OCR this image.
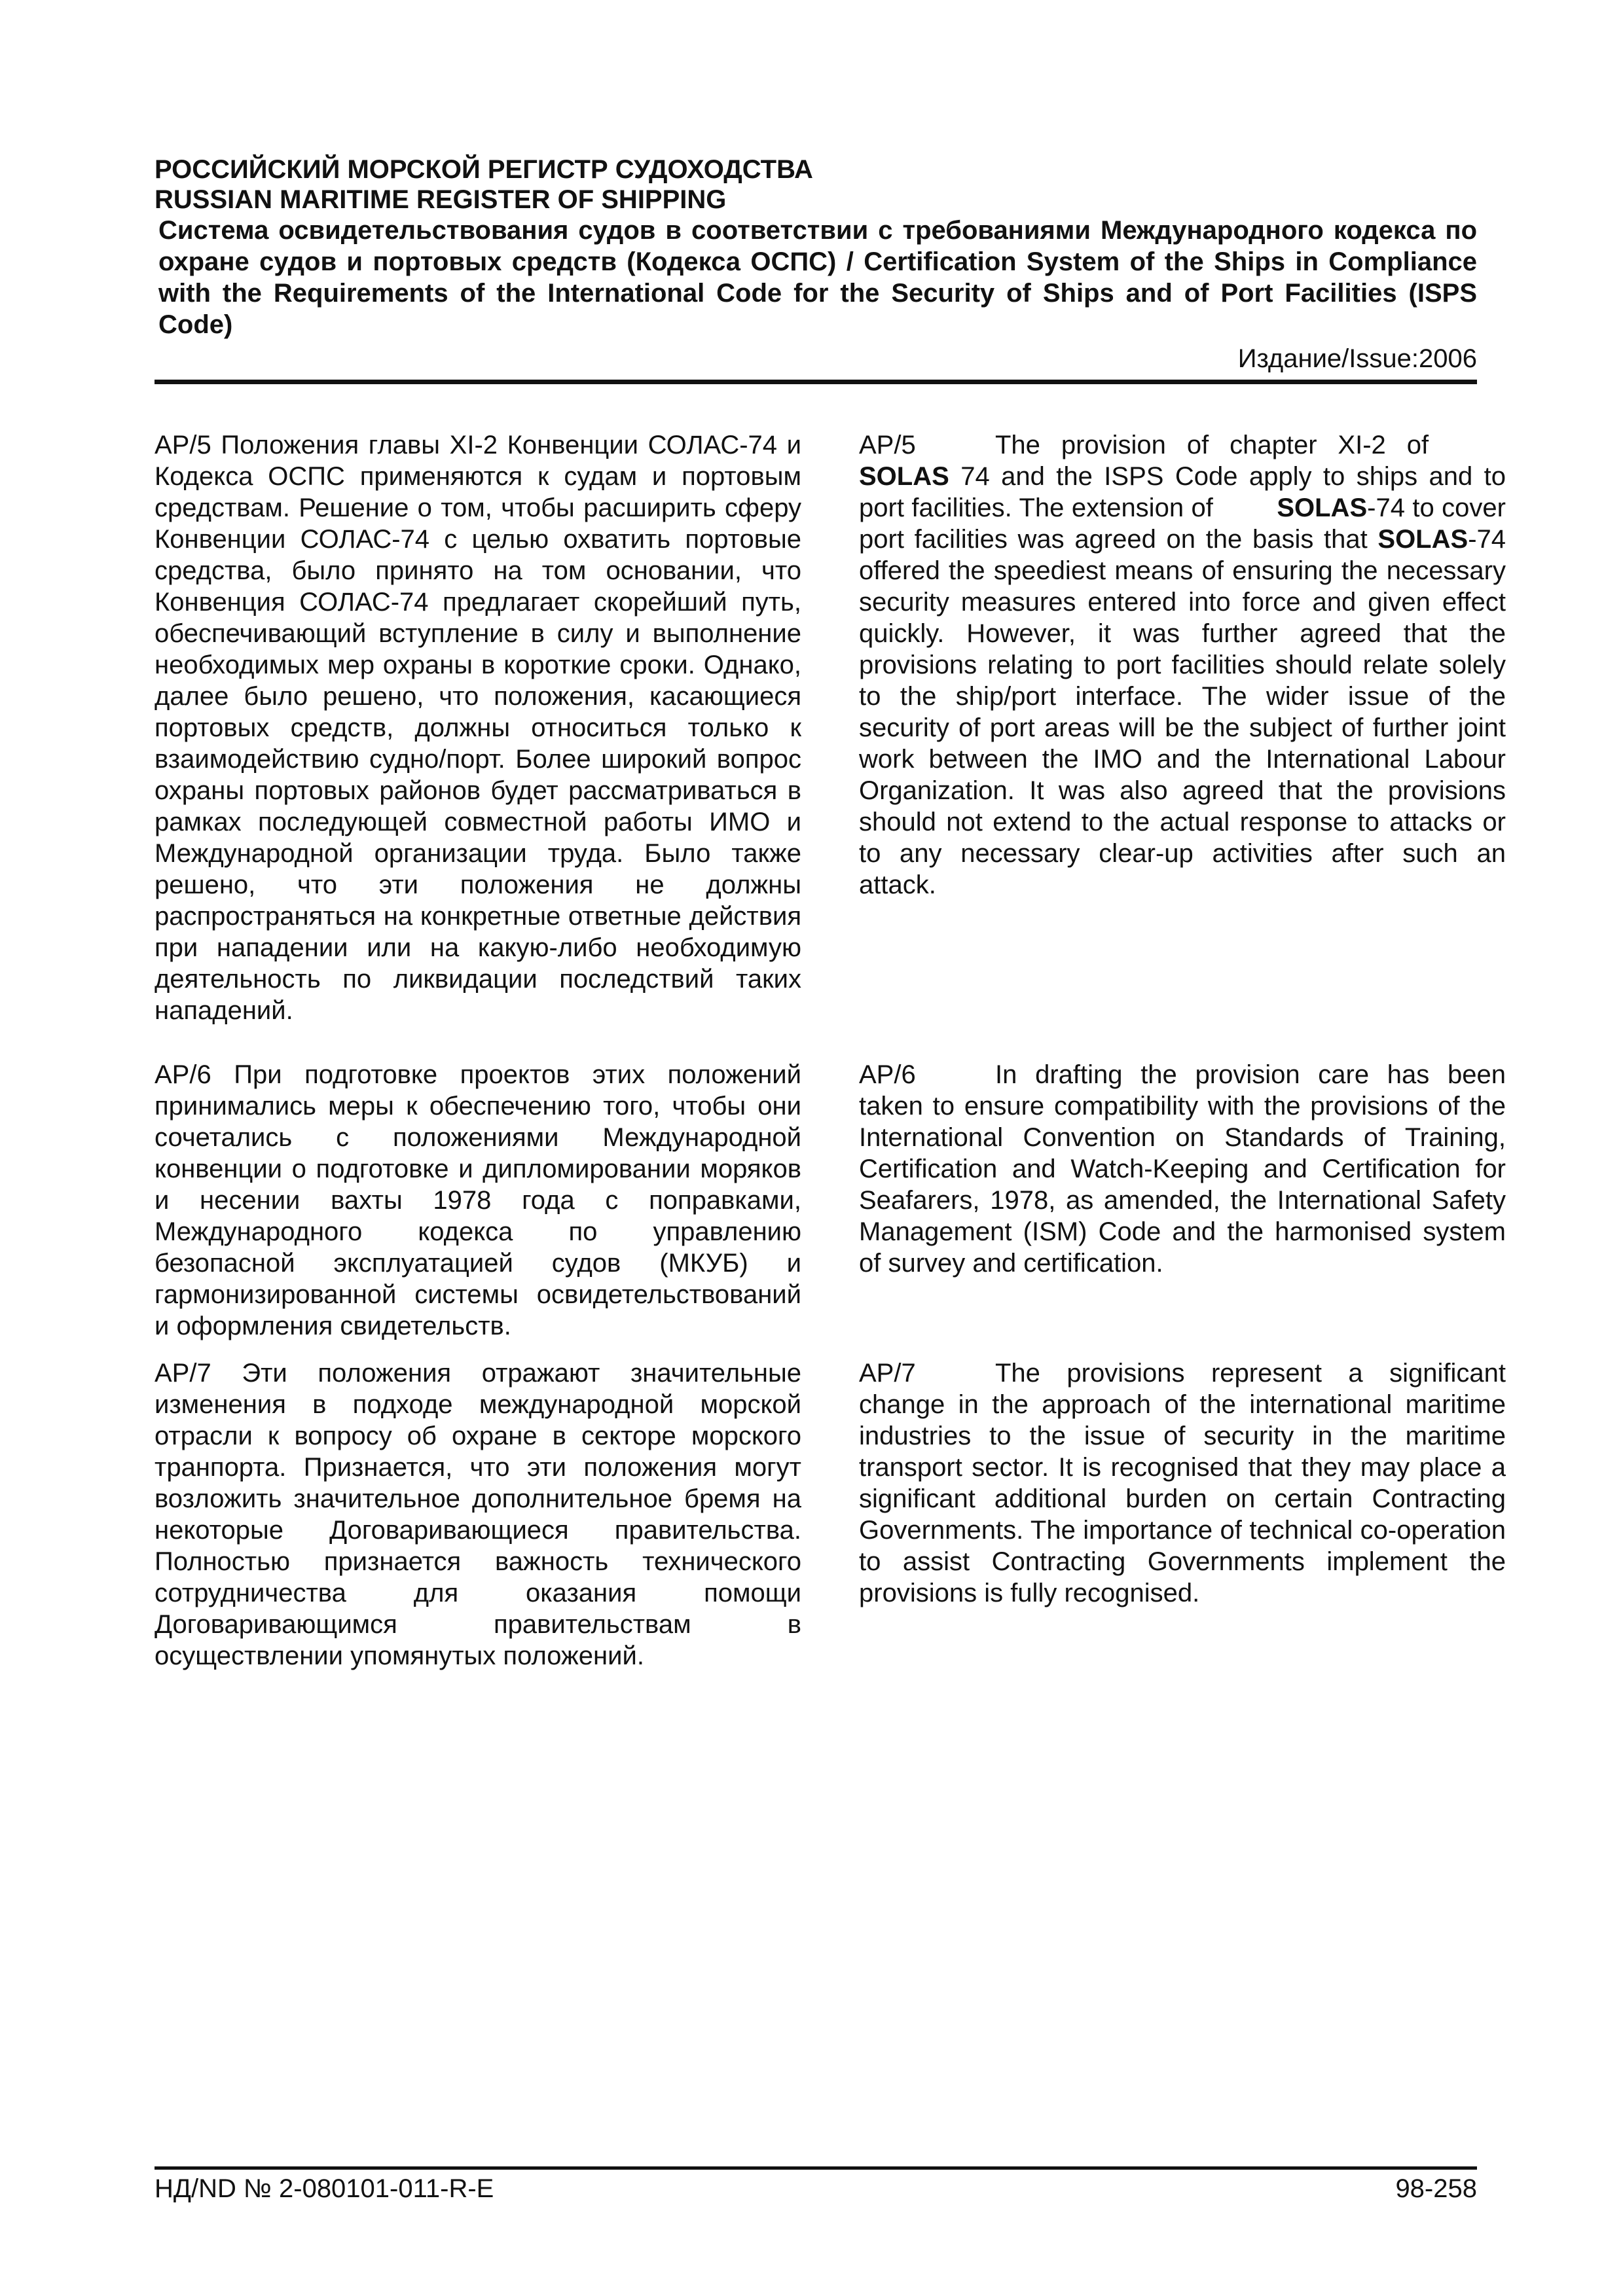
РОССИЙСКИЙ МОРСКОЙ РЕГИСТР СУДОХОДСТВА

RUSSIAN MARITIME REGISTER OF SHIPPING

Система освидетельствования судов в соответствии с требованиями Международного кодекса по охране судов и портовых средств (Кодекса ОСПС) / Certification System of the Ships in Compliance with the Requirements of the International Code for the Security of Ships and of Port Facilities (ISPS Code)

Издание/Issue:2006

AP/5 Положения главы XI-2 Конвенции СОЛАС-74 и Кодекса ОСПС применяются к судам и портовым средствам. Решение о том, чтобы расширить сферу Конвенции СОЛАС-74 с целью охватить портовые средства, было принято на том основании, что Конвенция СОЛАС-74 предлагает скорейший путь, обеспечивающий вступление в силу и выполнение необходимых мер охраны в короткие сроки. Однако, далее было решено, что положения, касающиеся портовых средств, должны относиться только к взаимодействию судно/порт. Более широкий вопрос охраны портовых районов будет рассматриваться в рамках последующей совместной работы ИМО и Международной организации труда. Было также решено, что эти положения не должны распространяться на конкретные ответные действия при нападении или на какую-либо необходимую деятельность по ликвидации последствий таких нападений.

AP/6 При подготовке проектов этих положений принимались меры к обеспечению того, чтобы они сочетались с положениями Международной конвенции о подготовке и дипломировании моряков и несении вахты 1978 года с поправками, Международного кодекса по управлению безопасной эксплуатацией судов (МКУБ) и гармонизированной системы освидетельствований и оформления свидетельств.

AP/7 Эти положения отражают значительные изменения в подходе международной морской отрасли к вопросу об охране в секторе морского транпорта. Признается, что эти положения могут возложить значительное дополнительное бремя на некоторые Договаривающиеся правительства. Полностью признается важность технического сотрудничества для оказания помощи Договаривающимся правительствам в осуществлении упомянутых положений.

AP/5	The provision of chapter XI-2 of SOLAS 74 and the ISPS Code apply to ships and to port facilities. The extension of SOLAS-74 to cover port facilities was agreed on the basis that SOLAS-74 offered the speediest means of ensuring the necessary security measures entered into force and given effect quickly. However, it was further agreed that the provisions relating to port facilities should relate solely to the ship/port interface. The wider issue of the security of port areas will be the subject of further joint work between the IMO and the International Labour Organization. It was also agreed that the provisions should not extend to the actual response to attacks or to any necessary clear-up activities after such an attack.

AP/6	In drafting the provision care has been taken to ensure compatibility with the provisions of the International Convention on Standards of Training, Certification and Watch-Keeping and Certification for Seafarers, 1978, as amended, the International Safety Management (ISM) Code and the harmonised system of survey and certification.

AP/7	The provisions represent a significant change in the approach of the international maritime industries to the issue of security in the maritime transport sector. It is recognised that they may place a significant additional burden on certain Contracting Governments. The importance of technical co-operation to assist Contracting Governments implement the provisions is fully recognised.

НД/ND № 2-080101-011-R-E	98-258
